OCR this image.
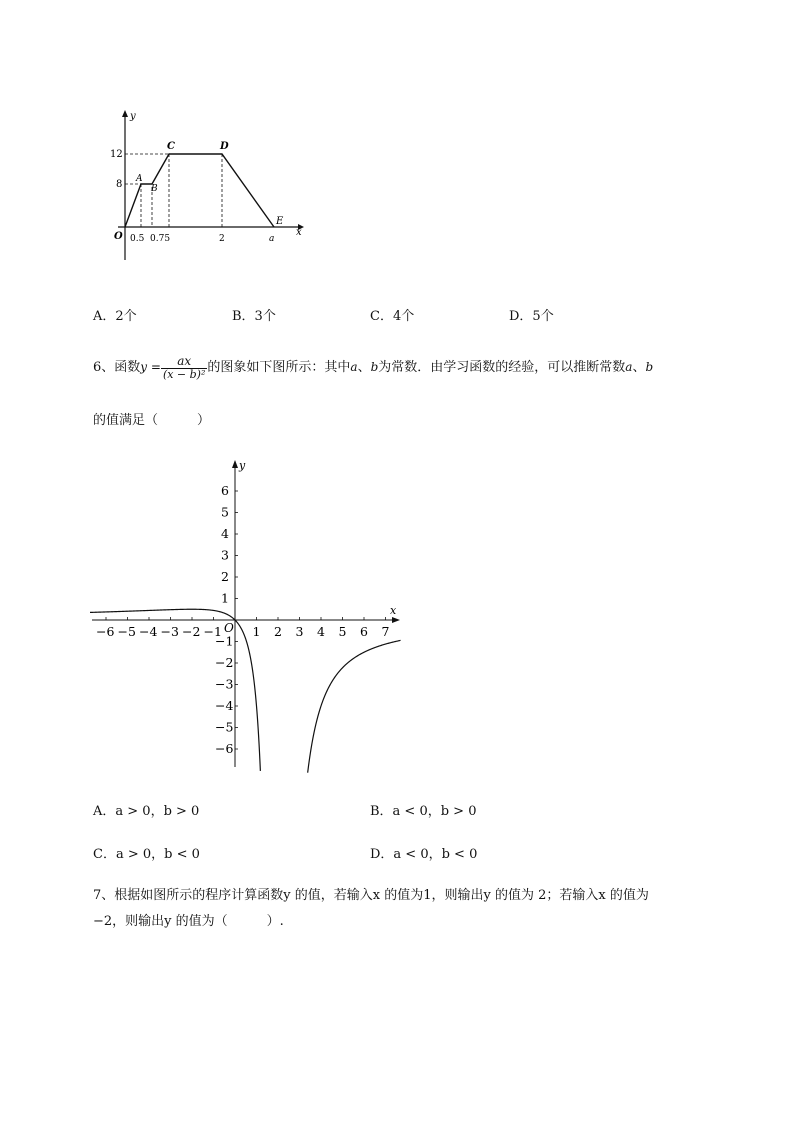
y
x
O
12
8
0.5 0.75	2	a
A
B
C	D
E
A．2个	B．3个	C．4个	D．5个
6、函数$y = \frac{ax}{\text{(x − b)²}}$ 的图象如下图所示：其中a、b为常数．由学习函数的经验，可以推断常数a、b
的值满足（　　　）
−6 −5 −4 −3 −2 −1 1 2 3 4 5 6 7
6
5
4
3
2
1
−1
−2
−3
−4
−5
−6
y
x
O
A．a > 0，b > 0	B．a < 0，b > 0
C．a > 0，b < 0	D．a < 0，b < 0
7、根据如图所示的程序计算函数y 的值，若输入x 的值为1，则输出y 的值为 2；若输入x 的值为
−2，则输出y 的值为（　　　）.
